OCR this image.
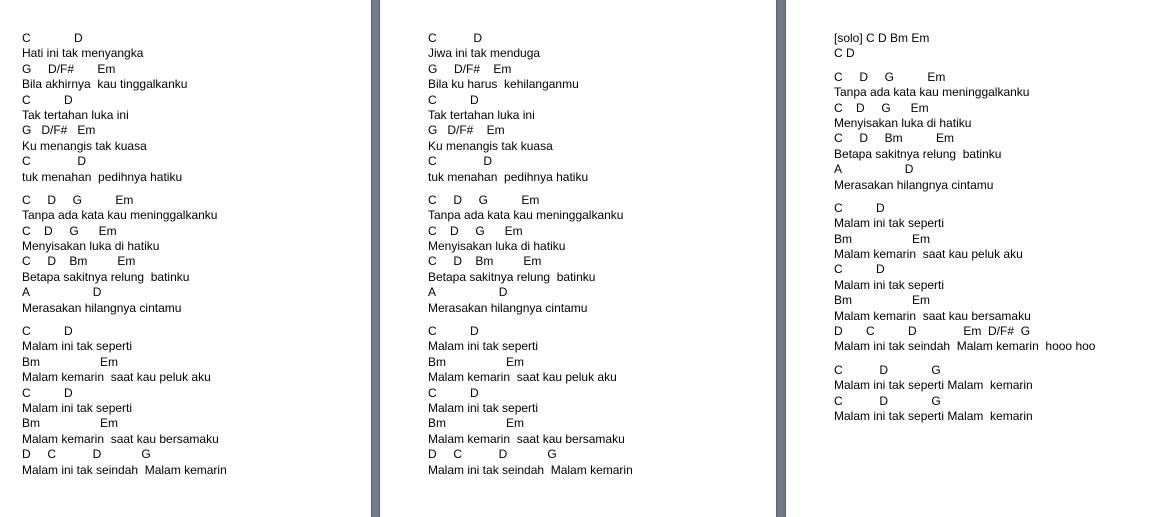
C             D
Hati ini tak menyangka
G     D/F#       Em
Bila akhirnya  kau tinggalkanku
C          D
Tak tertahan luka ini
G   D/F#   Em
Ku menangis tak kuasa
C              D
tuk menahan  pedihnya hatiku
C     D     G          Em
Tanpa ada kata kau meninggalkanku
C    D     G      Em
Menyisakan luka di hatiku
C     D    Bm         Em
Betapa sakitnya relung  batinku
A                   D
Merasakan hilangnya cintamu
C          D
Malam ini tak seperti
Bm                  Em
Malam kemarin  saat kau peluk aku
C          D
Malam ini tak seperti
Bm                  Em
Malam kemarin  saat kau bersamaku
D     C           D            G
Malam ini tak seindah  Malam kemarin
C           D
Jiwa ini tak menduga
G     D/F#    Em
Bila ku harus  kehilanganmu
C          D
Tak tertahan luka ini
G   D/F#    Em
Ku menangis tak kuasa
C              D
tuk menahan  pedihnya hatiku
C     D     G          Em
Tanpa ada kata kau meninggalkanku
C    D     G      Em
Menyisakan luka di hatiku
C     D    Bm         Em
Betapa sakitnya relung  batinku
A                   D
Merasakan hilangnya cintamu
C          D
Malam ini tak seperti
Bm                  Em
Malam kemarin  saat kau peluk aku
C          D
Malam ini tak seperti
Bm                  Em
Malam kemarin  saat kau bersamaku
D     C           D            G
Malam ini tak seindah  Malam kemarin
[solo] C D Bm Em
C D
C     D     G          Em
Tanpa ada kata kau meninggalkanku
C    D     G      Em
Menyisakan luka di hatiku
C     D     Bm          Em
Betapa sakitnya relung  batinku
A                   D
Merasakan hilangnya cintamu
C          D
Malam ini tak seperti
Bm                  Em
Malam kemarin  saat kau peluk aku
C          D
Malam ini tak seperti
Bm                  Em
Malam kemarin  saat kau bersamaku
D       C          D              Em  D/F#  G
Malam ini tak seindah  Malam kemarin  hooo hoo
C           D             G
Malam ini tak seperti Malam  kemarin
C           D             G
Malam ini tak seperti Malam  kemarin
